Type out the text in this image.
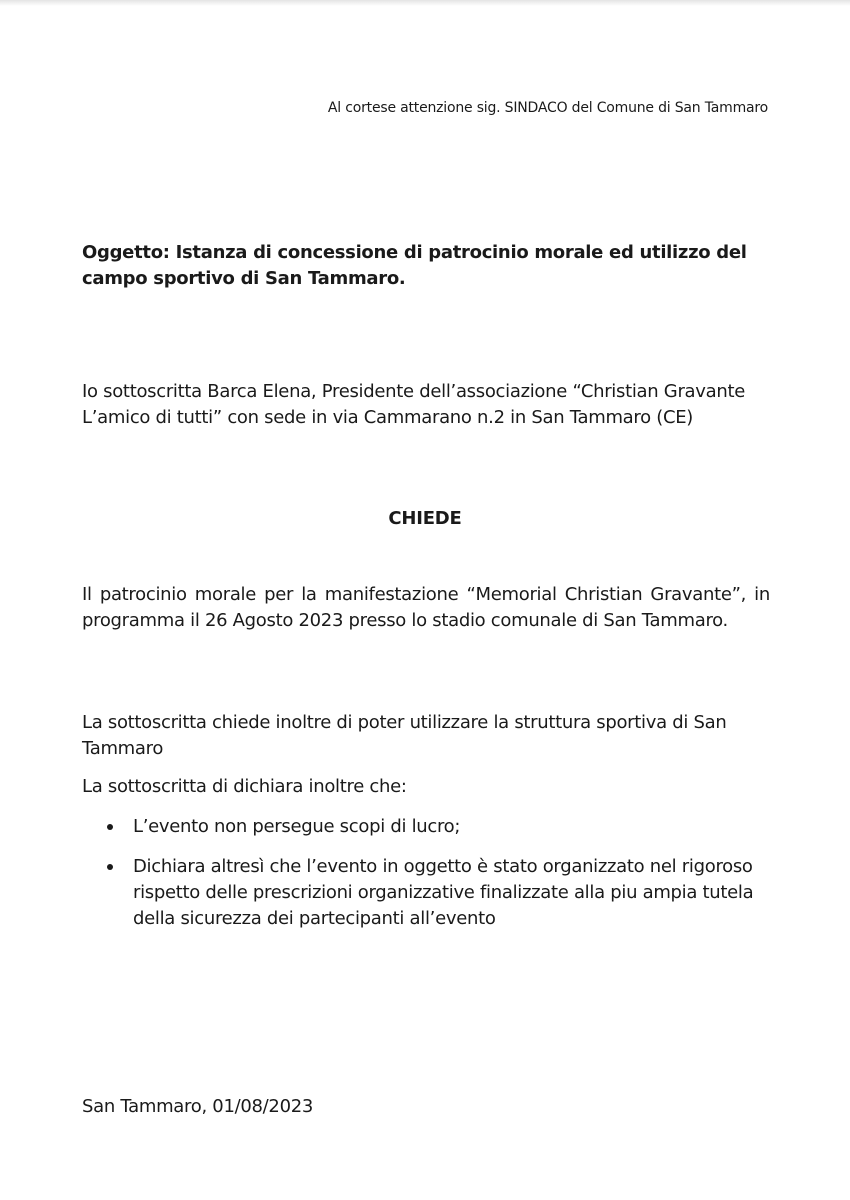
Al cortese attenzione sig. SINDACO del Comune di San Tammaro
Oggetto: Istanza di concessione di patrocinio morale ed utilizzo del
campo sportivo di San Tammaro.
Io sottoscritta Barca Elena, Presidente dell’associazione “Christian Gravante L’amico di tutti” con sede in via Cammarano n.2 in San Tammaro (CE)
CHIEDE
Il patrocinio morale per la manifestazione “Memorial Christian Gravante”, in programma il 26 Agosto 2023 presso lo stadio comunale di San Tammaro.
La sottoscritta chiede inoltre di poter utilizzare la struttura sportiva di San Tammaro
La sottoscritta di dichiara inoltre che:
L’evento non persegue scopi di lucro;
Dichiara altresì che l’evento in oggetto è stato organizzato nel rigoroso rispetto delle prescrizioni organizzative finalizzate alla piu ampia tutela della sicurezza dei partecipanti all’evento
San Tammaro, 01/08/2023
